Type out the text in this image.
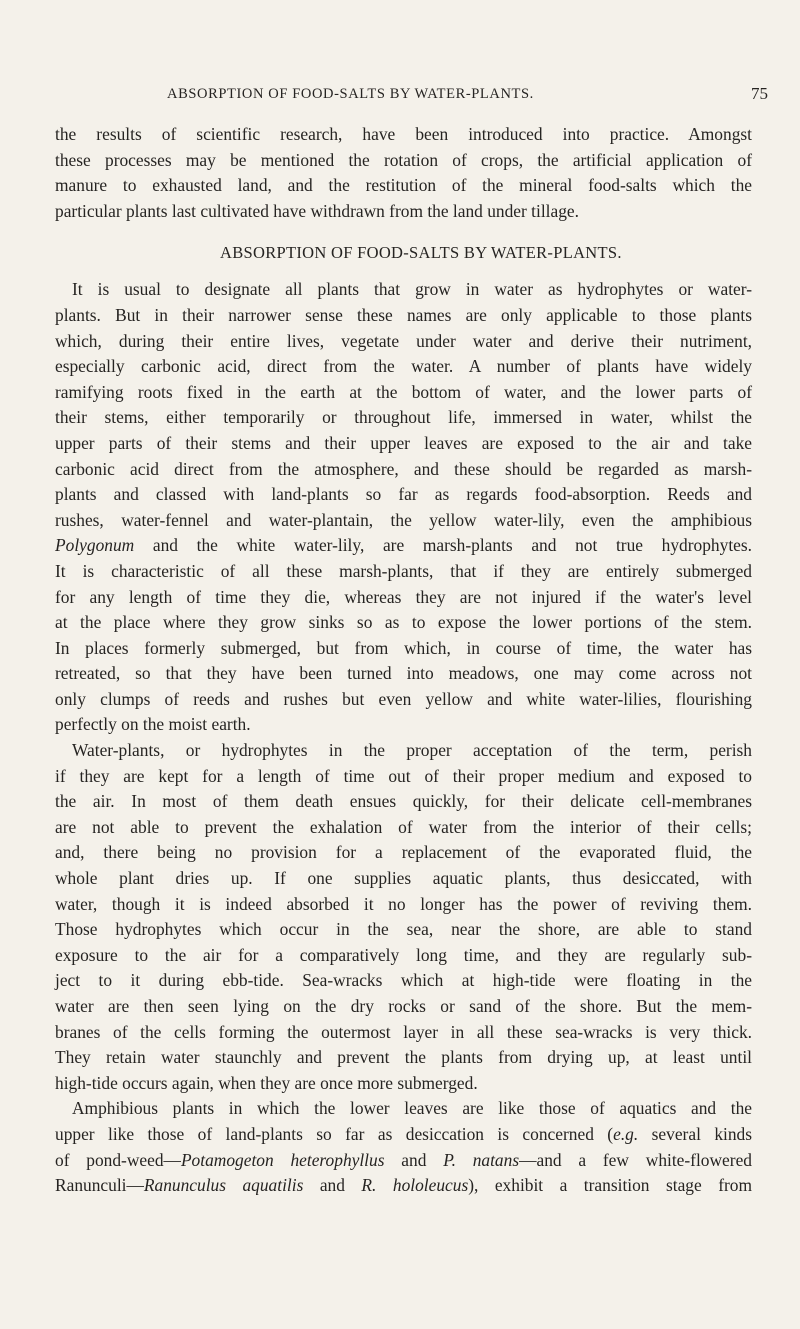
ABSORPTION OF FOOD-SALTS BY WATER-PLANTS.	75
the results of scientific research, have been introduced into practice. Amongst
these processes may be mentioned the rotation of crops, the artificial application of
manure to exhausted land, and the restitution of the mineral food-salts which the
particular plants last cultivated have withdrawn from the land under tillage.
ABSORPTION OF FOOD-SALTS BY WATER-PLANTS.
It is usual to designate all plants that grow in water as hydrophytes or water-
plants. But in their narrower sense these names are only applicable to those plants
which, during their entire lives, vegetate under water and derive their nutriment,
especially carbonic acid, direct from the water. A number of plants have widely
ramifying roots fixed in the earth at the bottom of water, and the lower parts of
their stems, either temporarily or throughout life, immersed in water, whilst the
upper parts of their stems and their upper leaves are exposed to the air and take
carbonic acid direct from the atmosphere, and these should be regarded as marsh-
plants and classed with land-plants so far as regards food-absorption. Reeds and
rushes, water-fennel and water-plantain, the yellow water-lily, even the amphibious
Polygonum and the white water-lily, are marsh-plants and not true hydrophytes.
It is characteristic of all these marsh-plants, that if they are entirely submerged
for any length of time they die, whereas they are not injured if the water's level
at the place where they grow sinks so as to expose the lower portions of the stem.
In places formerly submerged, but from which, in course of time, the water has
retreated, so that they have been turned into meadows, one may come across not
only clumps of reeds and rushes but even yellow and white water-lilies, flourishing
perfectly on the moist earth.
Water-plants, or hydrophytes in the proper acceptation of the term, perish
if they are kept for a length of time out of their proper medium and exposed to
the air. In most of them death ensues quickly, for their delicate cell-membranes
are not able to prevent the exhalation of water from the interior of their cells;
and, there being no provision for a replacement of the evaporated fluid, the
whole plant dries up. If one supplies aquatic plants, thus desiccated, with
water, though it is indeed absorbed it no longer has the power of reviving them.
Those hydrophytes which occur in the sea, near the shore, are able to stand
exposure to the air for a comparatively long time, and they are regularly sub-
ject to it during ebb-tide. Sea-wracks which at high-tide were floating in the
water are then seen lying on the dry rocks or sand of the shore. But the mem-
branes of the cells forming the outermost layer in all these sea-wracks is very thick.
They retain water staunchly and prevent the plants from drying up, at least until
high-tide occurs again, when they are once more submerged.
Amphibious plants in which the lower leaves are like those of aquatics and the
upper like those of land-plants so far as desiccation is concerned (e.g. several kinds
of pond-weed—Potamogeton heterophyllus and P. natans—and a few white-flowered
Ranunculi—Ranunculus aquatilis and R. hololeucus), exhibit a transition stage from
